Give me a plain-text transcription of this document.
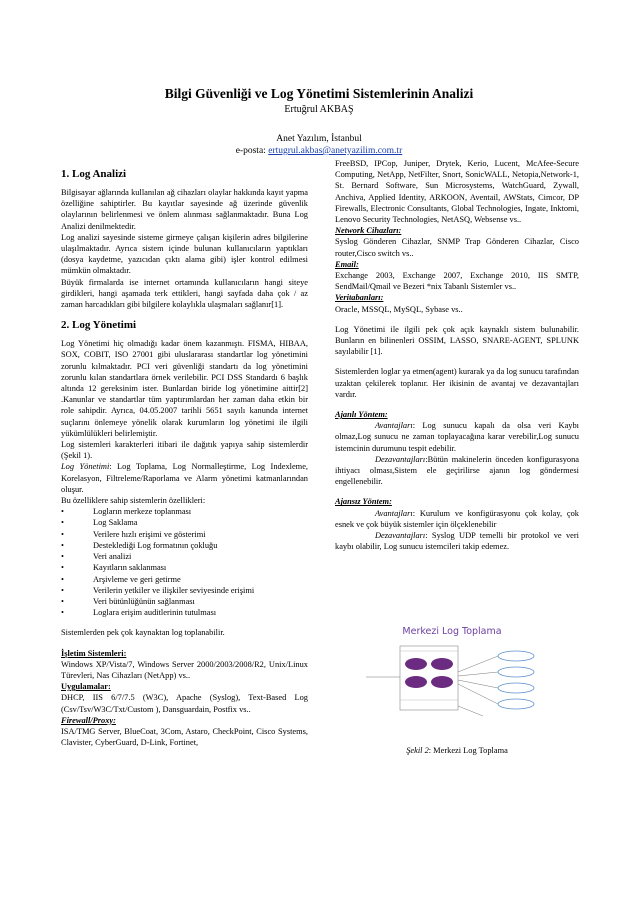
Bilgi Güvenliği ve Log Yönetimi Sistemlerinin Analizi
Ertuğrul AKBAŞ
Anet Yazılım, İstanbul
e-posta: ertugrul.akbas@anetyazilim.com.tr
1. Log Analizi

Bilgisayar ağlarında kullanılan ağ cihazları olaylar hakkında kayıt yapma özelliğine sahiptirler. Bu kayıtlar sayesinde ağ üzerinde güvenlik olaylarının belirlenmesi ve önlem alınması sağlanmaktadır. Buna Log Analizi denilmektedir.

Log analizi sayesinde sisteme girmeye çalışan kişilerin adres bilgilerine ulaşılmaktadır. Ayrıca sistem içinde bulunan kullanıcıların yaptıkları (dosya kaydetme, yazıcıdan çıktı alama gibi) işler kontrol edilmesi mümkün olmaktadır.

Büyük firmalarda ise internet ortamında kullanıcıların hangi siteye girdikleri, hangi aşamada terk ettikleri, hangi sayfada daha çok / az zaman harcadıkları gibi bilgilere kolaylıkla ulaşmaları sağlanır[1].

2. Log Yönetimi

Log Yönetimi hiç olmadığı kadar önem kazanmıştı. FISMA, HIBAA, SOX, COBIT, ISO 27001 gibi uluslararası standartlar log yönetimini zorunlu kılmaktadır. PCI veri güvenliği standartı da log yönetimini zorunlu kılan standartlara örnek verilebilir. PCI DSS Standardı 6 başlık altında 12 gereksinim ister. Bunlardan biride log yönetimine aittir[2] .Kanunlar ve standartlar tüm yaptırımlardan her zaman daha etkin bir role sahipdir. Ayrıca, 04.05.2007 tarihli 5651 sayılı kanunda internet suçlarını önlemeye yönelik olarak kurumların log yönetimi ile ilgili yükümlülükleri belirlemiştir.

Log sistemleri karakterleri itibari ile dağıtık yapıya sahip sistemlerdir (Şekil 1).

Log Yönetimi: Log Toplama, Log Normalleştirme, Log Indexleme, Korelasyon, Filtreleme/Raporlama ve Alarm yönetimi katmanlarından oluşur.

Bu özelliklere sahip sistemlerin özellikleri:

•	Logların merkeze toplanması
•	Log Saklama
•	Verilere hızlı erişimi ve gösterimi
•	Desteklediği Log formatının çokluğu
•	Veri analizi
•	Kayıtların saklanması
•	Arşivleme ve geri getirme
•	Verilerin yetkiler ve ilişkiler seviyesinde erişimi
•	Veri bütünlüğünün sağlanması
•	Loglara erişim auditlerinin tutulması

Sistemlerden pek çok kaynaktan log toplanabilir.

İşletim Sistemleri:

Windows XP/Vista/7, Windows Server 2000/2003/2008/R2, Unix/Linux Türevleri, Nas Cihazları (NetApp) vs..

Uygulamalar:

DHCP, IIS 6/7/7.5 (W3C), Apache (Syslog), Text-Based Log (Csv/Tsv/W3C/Txt/Custom ), Dansguardain, Postfix vs..

Firewall/Proxy:

ISA/TMG Server, BlueCoat, 3Com, Astaro, CheckPoint, Cisco Systems, Clavister, CyberGuard, D-Link, Fortinet,

FreeBSD, IPCop, Juniper, Drytek, Kerio, Lucent, McAfee-Secure Computing, NetApp, NetFilter, Snort, SonicWALL, Netopia,Network-1, St. Bernard Software, Sun Microsystems, WatchGuard, Zywall, Anchiva, Applied Identity, ARKOON, Aventail, AWStats, Cimcor, DP Firewalls, Electronic Consultants, Global Technologies, Ingate, Inktomi, Lenovo Security Technologies, NetASQ, Websense vs..

Network Cihazları:

Syslog Gönderen Cihazlar, SNMP Trap Gönderen Cihazlar, Cisco router,Cisco switch vs..

Email:

Exchange 2003, Exchange 2007, Exchange 2010, IIS SMTP, SendMail/Qmail ve Bezeri *nix Tabanlı Sistemler vs..

Veritabanları:

Oracle, MSSQL, MySQL, Sybase vs..

Log Yönetimi ile ilgili pek çok açık kaynaklı sistem bulunabilir. Bunların en bilinenleri OSSIM, LASSO, SNARE-AGENT, SPLUNK sayılabilir [1].

Sistemlerden loglar ya etmen(agent) kurarak ya da log sunucu tarafından uzaktan çekilerek toplanır. Her ikisinin de avantaj ve dezavantajları vardır.

Ajanlı Yöntem:

Avantajları: Log sunucu kapalı da olsa veri Kaybı olmaz,Log sunucu ne zaman toplayacağına karar verebilir,Log sunucu istemcinin durumunu tespit edebilir.

Dezavantajları:Bütün makinelerin önceden konfigurasyona ihtiyacı olması,Sistem ele geçirilirse ajanın log göndermesi engellenebilir.

Ajansız Yöntem:

Avantajları: Kurulum ve konfigürasyonu çok kolay, çok esnek ve çok büyük sistemler için ölçeklenebilir

Dezavantajları: Syslog UDP temelli bir protokol ve veri kaybı olabilir, Log sunucu istemcileri takip edemez.

Merkezi Log Toplama
Şekil 2: Merkezi Log Toplama
